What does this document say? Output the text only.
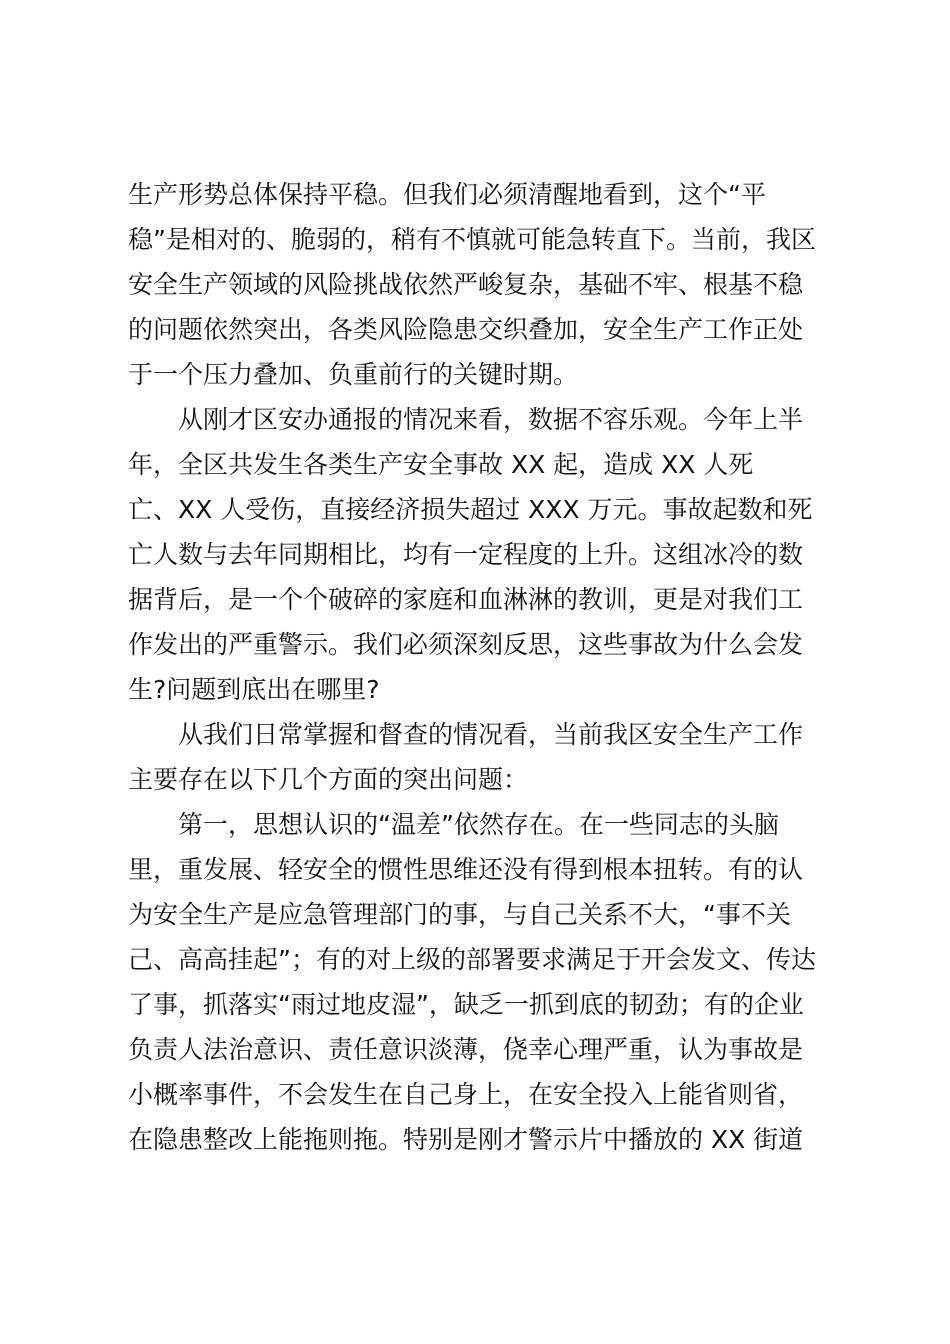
生产形势总体保持平稳。但我们必须清醒地看到，这个“平
稳”是相对的、脆弱的，稍有不慎就可能急转直下。当前，我区
安全生产领域的风险挑战依然严峻复杂，基础不牢、根基不稳
的问题依然突出，各类风险隐患交织叠加，安全生产工作正处
于一个压力叠加、负重前行的关键时期。
从刚才区安办通报的情况来看，数据不容乐观。今年上半
年，全区共发生各类生产安全事故 XX 起，造成 XX 人死
亡、XX 人受伤，直接经济损失超过 XXX 万元。事故起数和死
亡人数与去年同期相比，均有一定程度的上升。这组冰冷的数
据背后，是一个个破碎的家庭和血淋淋的教训，更是对我们工
作发出的严重警示。我们必须深刻反思，这些事故为什么会发
生?问题到底出在哪里?
从我们日常掌握和督查的情况看，当前我区安全生产工作
主要存在以下几个方面的突出问题：
第一，思想认识的“温差”依然存在。在一些同志的头脑
里，重发展、轻安全的惯性思维还没有得到根本扭转。有的认
为安全生产是应急管理部门的事，与自己关系不大，“事不关
己、高高挂起”；有的对上级的部署要求满足于开会发文、传达
了事，抓落实“雨过地皮湿”，缺乏一抓到底的韧劲；有的企业
负责人法治意识、责任意识淡薄，侥幸心理严重，认为事故是
小概率事件，不会发生在自己身上，在安全投入上能省则省，
在隐患整改上能拖则拖。特别是刚才警示片中播放的 XX 街道
